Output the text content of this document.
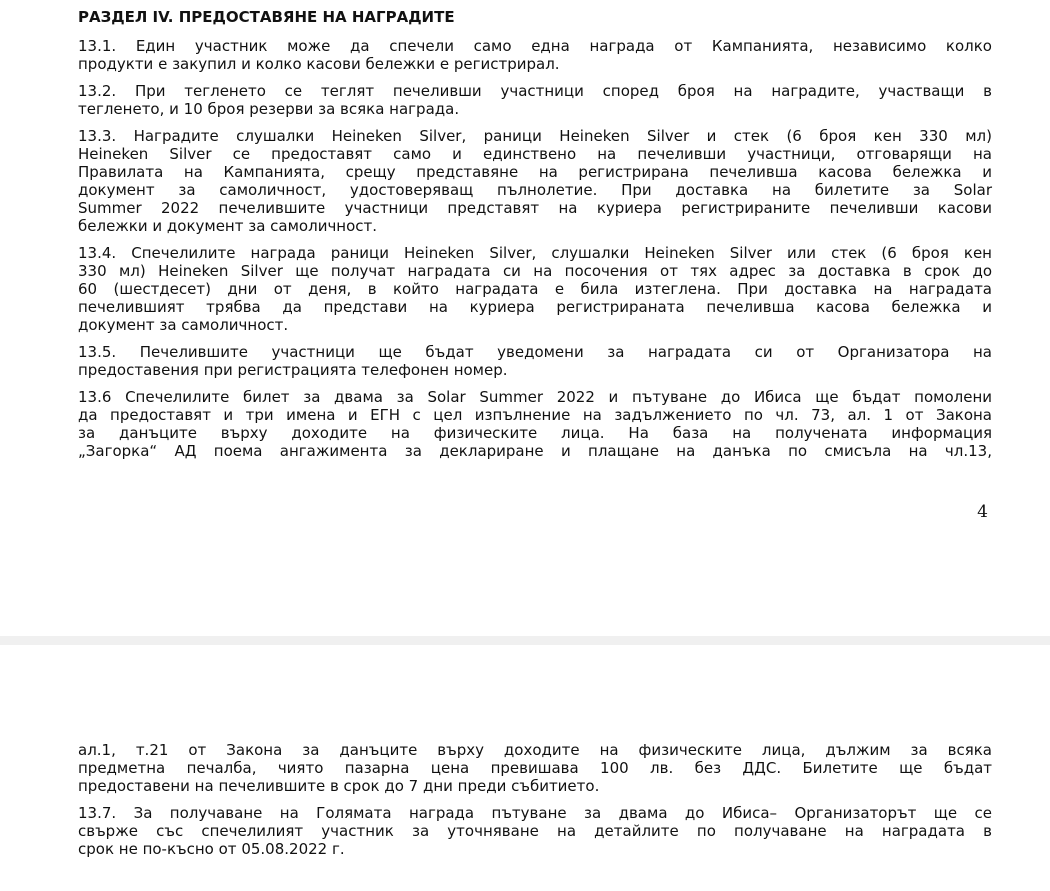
РАЗДЕЛ IV. ПРЕДОСТАВЯНЕ НА НАГРАДИТЕ
13.1. Един участник може да спечели само една награда от Кампанията, независимо колко
продукти е закупил и колко касови бележки е регистрирал.
13.2. При тегленето се теглят печеливши участници според броя на наградите, участващи в
тегленето, и 10 броя резерви за всяка награда.
13.3. Наградите слушалки Heineken Silver, раници Heineken Silver и стек (6 броя кен 330 мл)
Heineken Silver се предоставят само и единствено на печеливши участници, отговарящи на
Правилата на Кампанията, срещу представяне на регистрирана печеливша касова бележка и
документ за самоличност, удостоверяващ пълнолетие. При доставка на билетите за Solar
Summer 2022 печелившите участници представят на куриера регистрираните печеливши касови
бележки и документ за самоличност.
13.4. Спечелилите награда раници Heineken Silver, слушалки Heineken Silver или стек (6 броя кен
330 мл) Heineken Silver ще получат наградата си на посочения от тях адрес за доставка в срок до
60 (шестдесет) дни от деня, в който наградата е била изтеглена. При доставка на наградата
печелившият трябва да представи на куриера регистрираната печеливша касова бележка и
документ за самоличност.
13.5. Печелившите участници ще бъдат уведомени за наградата си от Организатора на
предоставения при регистрацията телефонен номер.
13.6 Спечелилите билет за двама за Solar Summer 2022 и пътуване до Ибиса ще бъдат помолени
да предоставят и три имена и ЕГН с цел изпълнение на задължението по чл. 73, ал. 1 от Закона
за данъците върху доходите на физическите лица. На база на получената информация
„Загорка“ АД поема ангажимента за деклариране и плащане на данъка по смисъла на чл.13,
4
ал.1, т.21 от Закона за данъците върху доходите на физическите лица, дължим за всяка
предметна печалба, чиято пазарна цена превишава 100 лв. без ДДС. Билетите ще бъдат
предоставени на печелившите в срок до 7 дни преди събитието.
13.7. За получаване на Голямата награда пътуване за двама до Ибиса– Организаторът ще се
свърже със спечелилият участник за уточняване на детайлите по получаване на наградата в
срок не по-късно от 05.08.2022 г.
